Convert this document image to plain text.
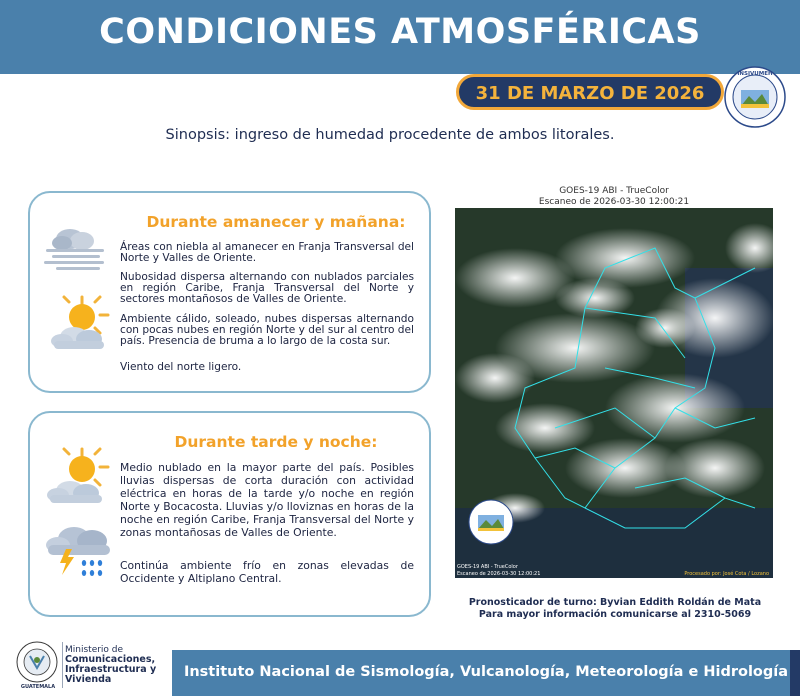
CONDICIONES ATMOSFÉRICAS
31 DE MARZO DE 2026
INSIVUMEH
Sinopsis: ingreso de humedad procedente de ambos litorales.
Durante amanecer y mañana:
Áreas con niebla al amanecer en Franja Transversal del Norte y Valles de Oriente.
Nubosidad dispersa alternando con nublados parciales en región Caribe, Franja Transversal del Norte y sectores montañosos de Valles de Oriente.
Ambiente cálido, soleado, nubes dispersas alternando con pocas nubes en región Norte y del sur al centro del país. Presencia de bruma a lo largo de la costa sur.
Viento del norte ligero.
Durante tarde y noche:
Medio nublado en la mayor parte del país. Posibles lluvias dispersas de corta duración con actividad eléctrica en horas de la tarde y/o noche en región Norte y Bocacosta. Lluvias y/o lloviznas en horas de la noche en región Caribe, Franja Transversal del Norte y zonas montañosas de Valles de Oriente.
Continúa ambiente frío en zonas elevadas de Occidente y Altiplano Central.
GOES-19 ABI - TrueColor
Escaneo de 2026-03-30 12:00:21
GOES-19 ABI - TrueColor
Escaneo de 2026-03-30 12:00:21	Procesado por: José Cota / Lozano
Pronosticador de turno: Byvian Eddith Roldán de Mata
Para mayor información comunicarse al 2310-5069
GUATEMALA
Ministerio de
Comunicaciones,
Infraestructura y
Vivienda	Instituto Nacional de Sismología, Vulcanología, Meteorología e Hidrología
